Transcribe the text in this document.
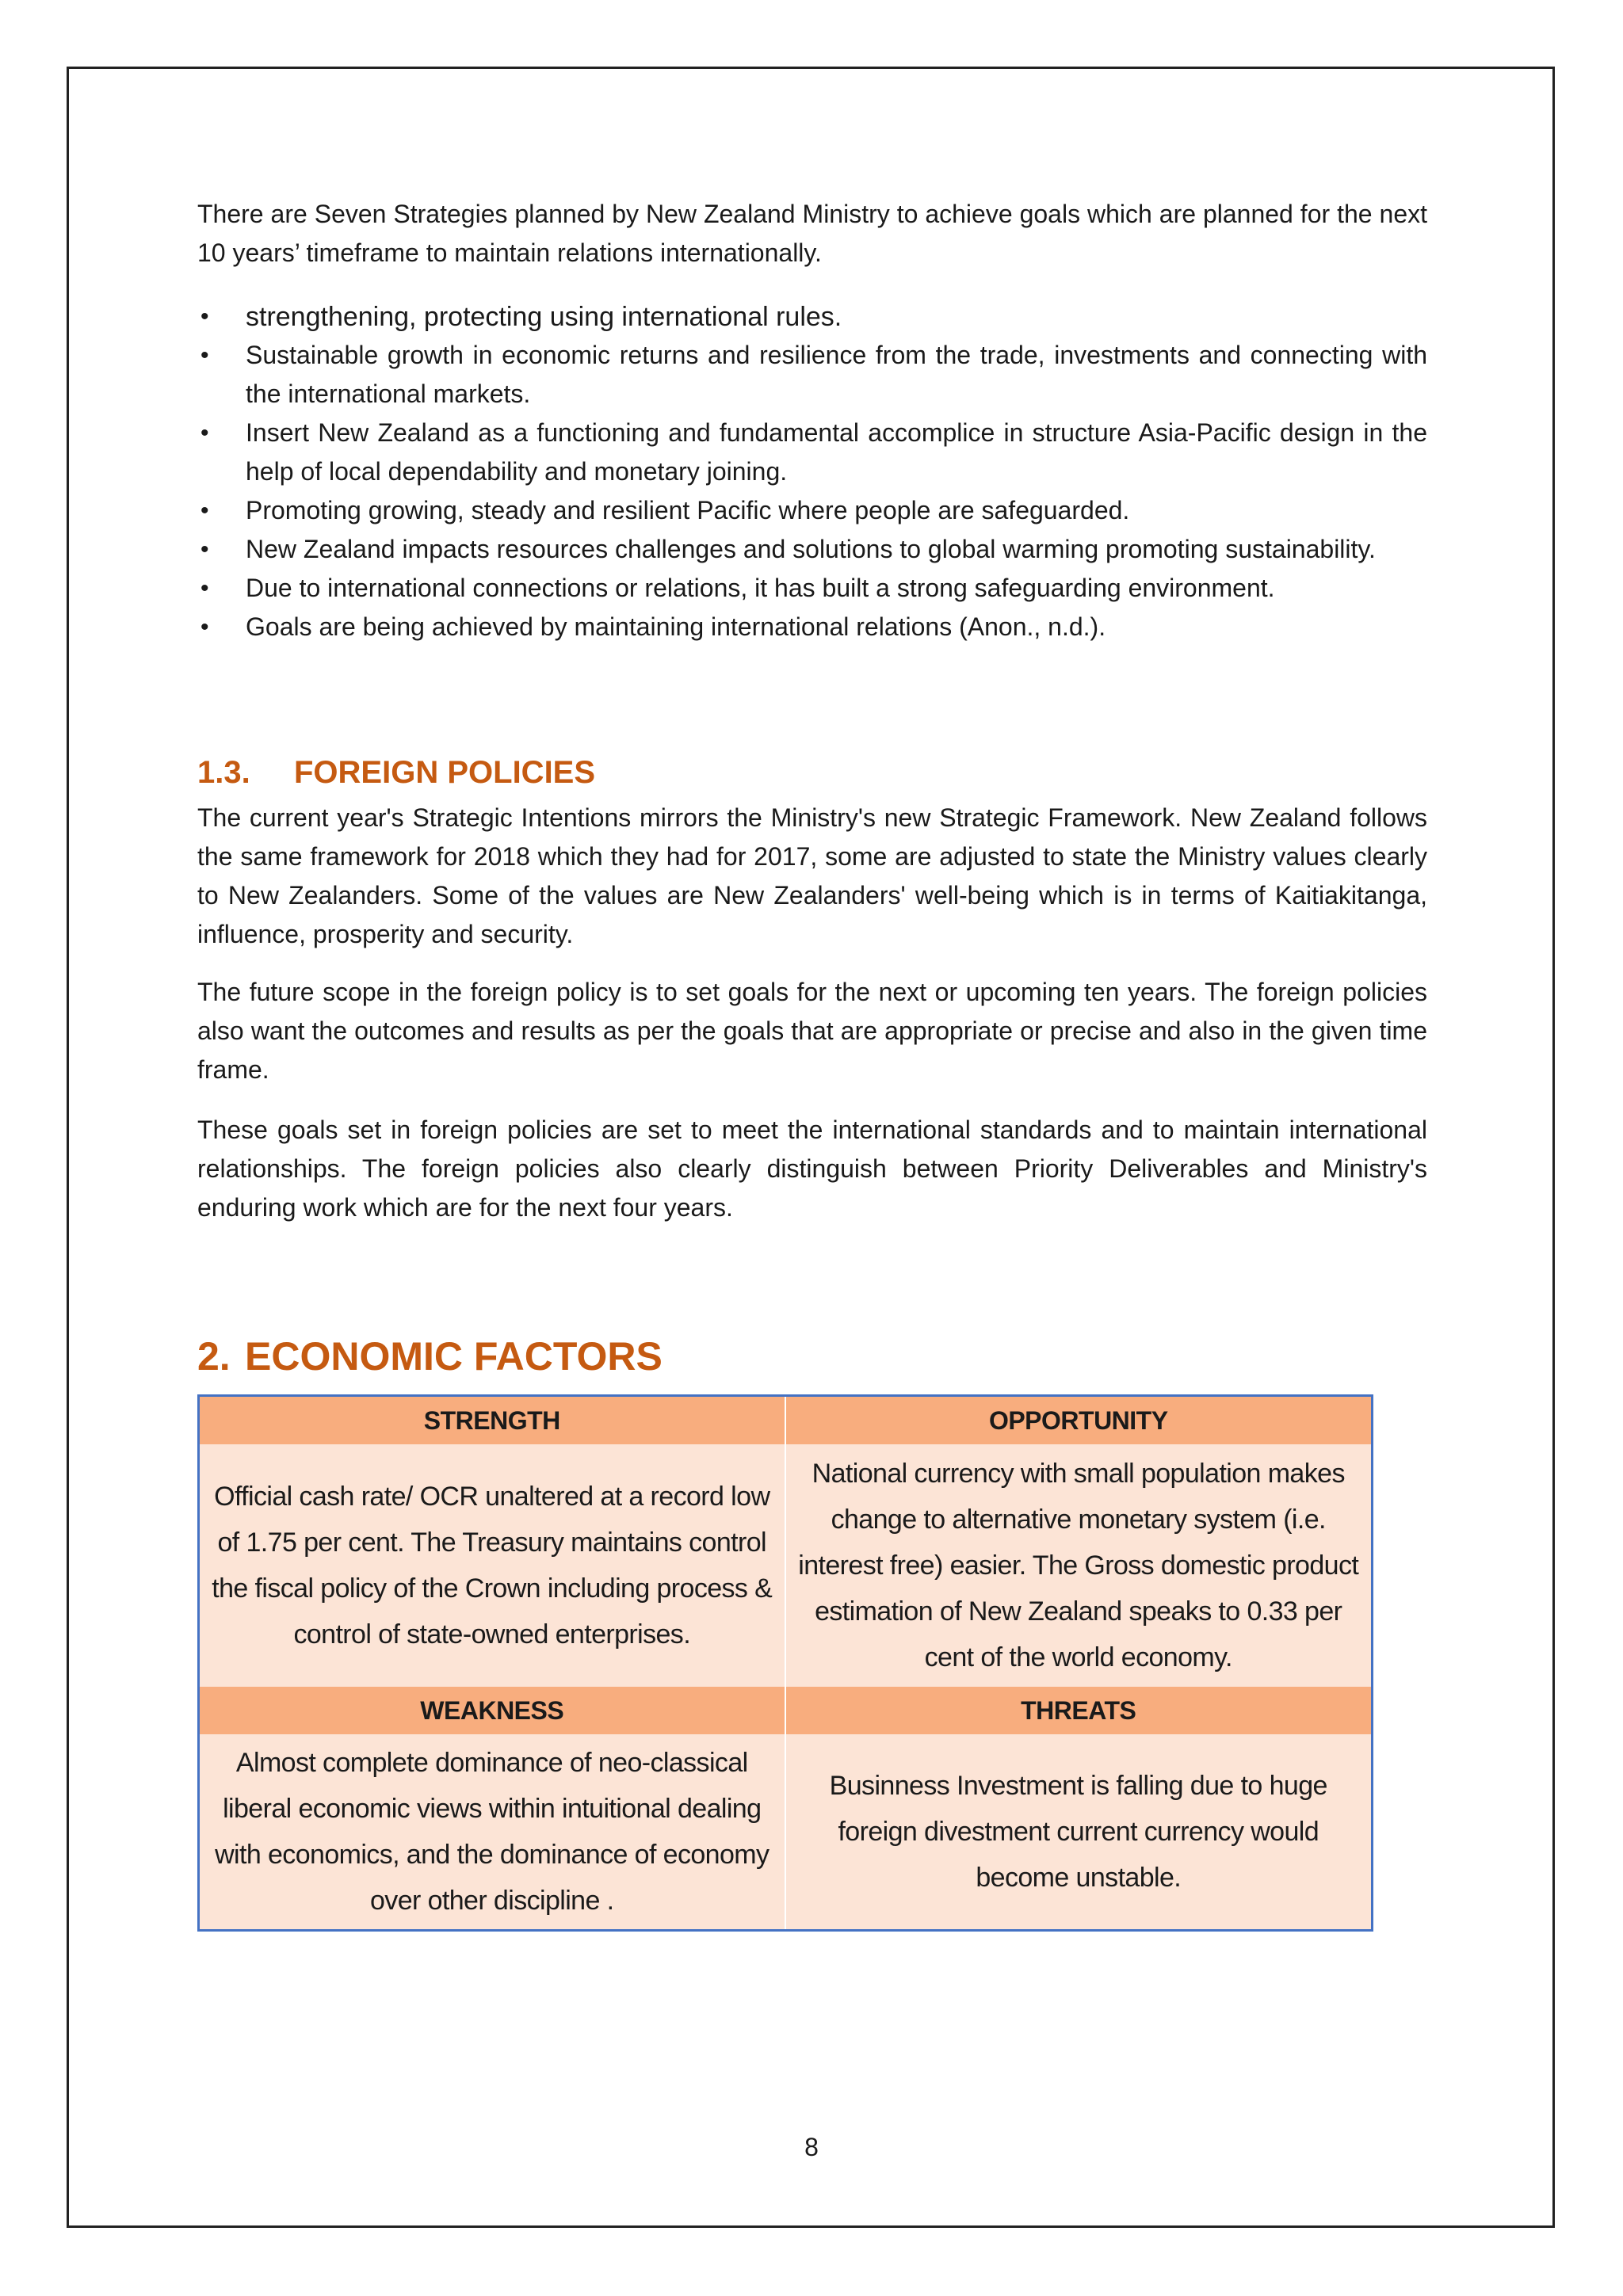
There are Seven Strategies planned by New Zealand Ministry to achieve goals which are planned for the next 10 years’ timeframe to maintain relations internationally.

• strengthening, protecting using international rules.
• Sustainable growth in economic returns and resilience from the trade, investments and connecting with the international markets.
• Insert New Zealand as a functioning and fundamental accomplice in structure Asia-Pacific design in the help of local dependability and monetary joining.
• Promoting growing, steady and resilient Pacific where people are safeguarded.
• New Zealand impacts resources challenges and solutions to global warming promoting sustainability.
• Due to international connections or relations, it has built a strong safeguarding environment.
• Goals are being achieved by maintaining international relations (Anon., n.d.).
1.3. FOREIGN POLICIES

The current year's Strategic Intentions mirrors the Ministry's new Strategic Framework. New Zealand follows the same framework for 2018 which they had for 2017, some are adjusted to state the Ministry values clearly to New Zealanders. Some of the values are New Zealanders' well-being which is in terms of Kaitiakitanga, influence, prosperity and security.

The future scope in the foreign policy is to set goals for the next or upcoming ten years. The foreign policies also want the outcomes and results as per the goals that are appropriate or precise and also in the given time frame.

These goals set in foreign policies are set to meet the international standards and to maintain international relationships. The foreign policies also clearly distinguish between Priority Deliverables and Ministry's enduring work which are for the next four years.

2. ECONOMIC FACTORS
STRENGTH	OPPORTUNITY
Official cash rate/ OCR unaltered at a record low of 1.75 per cent. The Treasury maintains control the fiscal policy of the Crown including process & control of state-owned enterprises.	National currency with small population makes change to alternative monetary system (i.e. interest free) easier. The Gross domestic product estimation of New Zealand speaks to 0.33 per cent of the world economy.
WEAKNESS	THREATS
Almost complete dominance of neo-classical liberal economic views within intuitional dealing with economics, and the dominance of economy over other discipline .	Businness Investment is falling due to huge foreign divestment current currency would become unstable.
8
